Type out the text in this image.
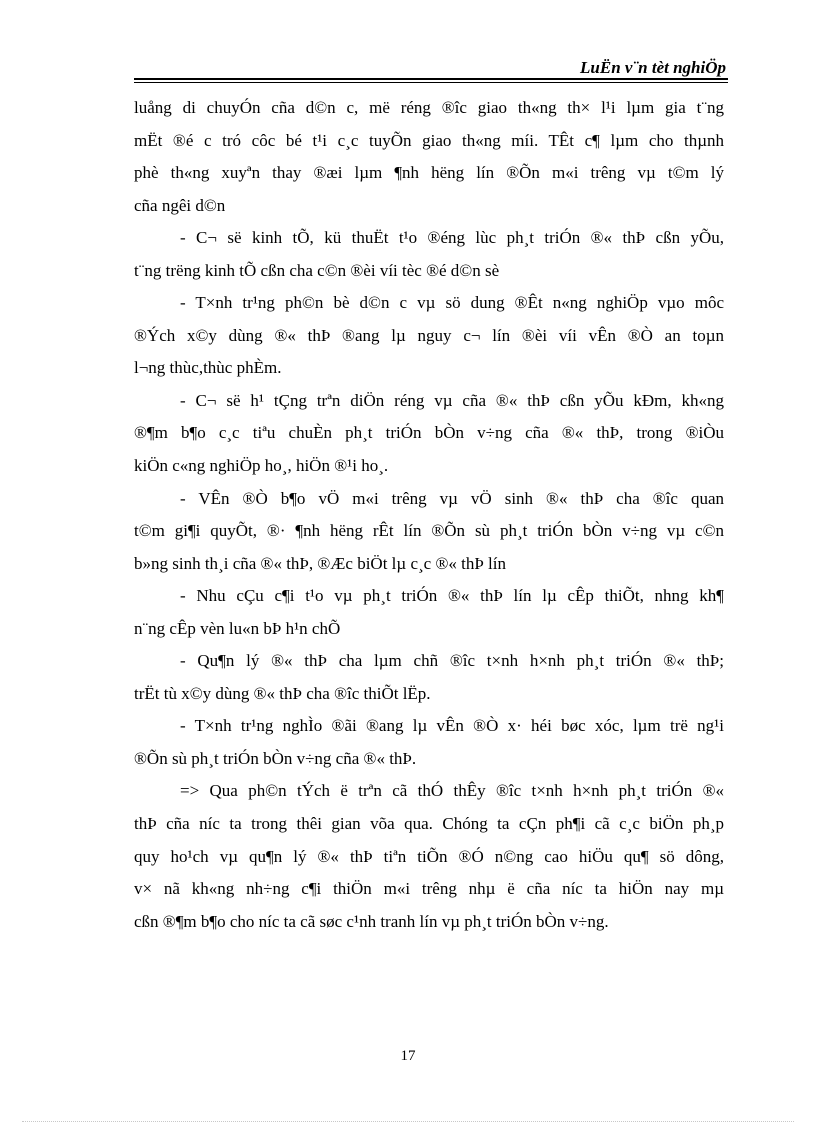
LuËn v¨n tèt nghiÖp
luång di chuyÓn cña d©n c, më réng ®îc giao th«ng th× l¹i lµm gia t¨ng
mËt ®é c tró côc bé t¹i c¸c tuyÕn giao th«ng míi. TÊt c¶ lµm cho thµnh
phè th«ng xuyªn thay ®æi lµm ¶nh hëng lín ®Õn m«i trêng vµ t©m lý
cña ngêi d©n
- C¬ së kinh tÕ, kü thuËt t¹o ®éng lùc ph¸t triÓn ®« thÞ cßn yÕu,
t¨ng trëng kinh tÕ cßn cha c©n ®èi víi tèc ®é d©n sè
- T×nh tr¹ng ph©n bè d©n c vµ sö dung ®Êt n«ng nghiÖp vµo môc
®Ých x©y dùng ®« thÞ ®ang lµ nguy c¬ lín ®èi víi vÊn ®Ò an toµn
l¬ng thùc,thùc phÈm.
- C¬ së h¹ tÇng trªn diÖn réng vµ cña ®« thÞ cßn yÕu kÐm, kh«ng
®¶m b¶o c¸c tiªu chuÈn ph¸t triÓn bÒn v÷ng cña ®« thÞ, trong ®iÒu
kiÖn c«ng nghiÖp ho¸, hiÖn ®¹i ho¸.
- VÊn ®Ò b¶o vÖ m«i trêng vµ vÖ sinh ®« thÞ cha ®îc quan
t©m gi¶i quyÕt, ®· ¶nh hëng rÊt lín ®Õn sù ph¸t triÓn bÒn v÷ng vµ c©n
b»ng sinh th¸i cña ®« thÞ, ®Æc biÖt lµ c¸c ®« thÞ lín
- Nhu cÇu c¶i t¹o vµ ph¸t triÓn ®« thÞ lín lµ cÊp thiÕt, nhng kh¶
n¨ng cÊp vèn lu«n bÞ h¹n chÕ
- Qu¶n lý ®« thÞ cha lµm chñ ®îc t×nh h×nh ph¸t triÓn ®« thÞ;
trËt tù x©y dùng ®« thÞ cha ®îc thiÕt lËp.
- T×nh tr¹ng nghÌo ®ãi ®ang lµ vÊn ®Ò x· héi bøc xóc, lµm trë ng¹i
®Õn sù ph¸t triÓn bÒn v÷ng cña ®« thÞ.
=> Qua ph©n tÝch ë trªn cã thÓ thÊy ®îc t×nh h×nh ph¸t triÓn ®«
thÞ cña níc ta trong thêi gian võa qua. Chóng ta cÇn ph¶i cã c¸c biÖn ph¸p
quy ho¹ch vµ qu¶n lý ®« thÞ tiªn tiÕn ®Ó n©ng cao hiÖu qu¶ sö dông,
v× nã kh«ng nh÷ng c¶i thiÖn m«i trêng nhµ ë cña níc ta hiÖn nay mµ
cßn ®¶m b¶o cho níc ta cã søc c¹nh tranh lín vµ ph¸t triÓn bÒn v÷ng.
17
